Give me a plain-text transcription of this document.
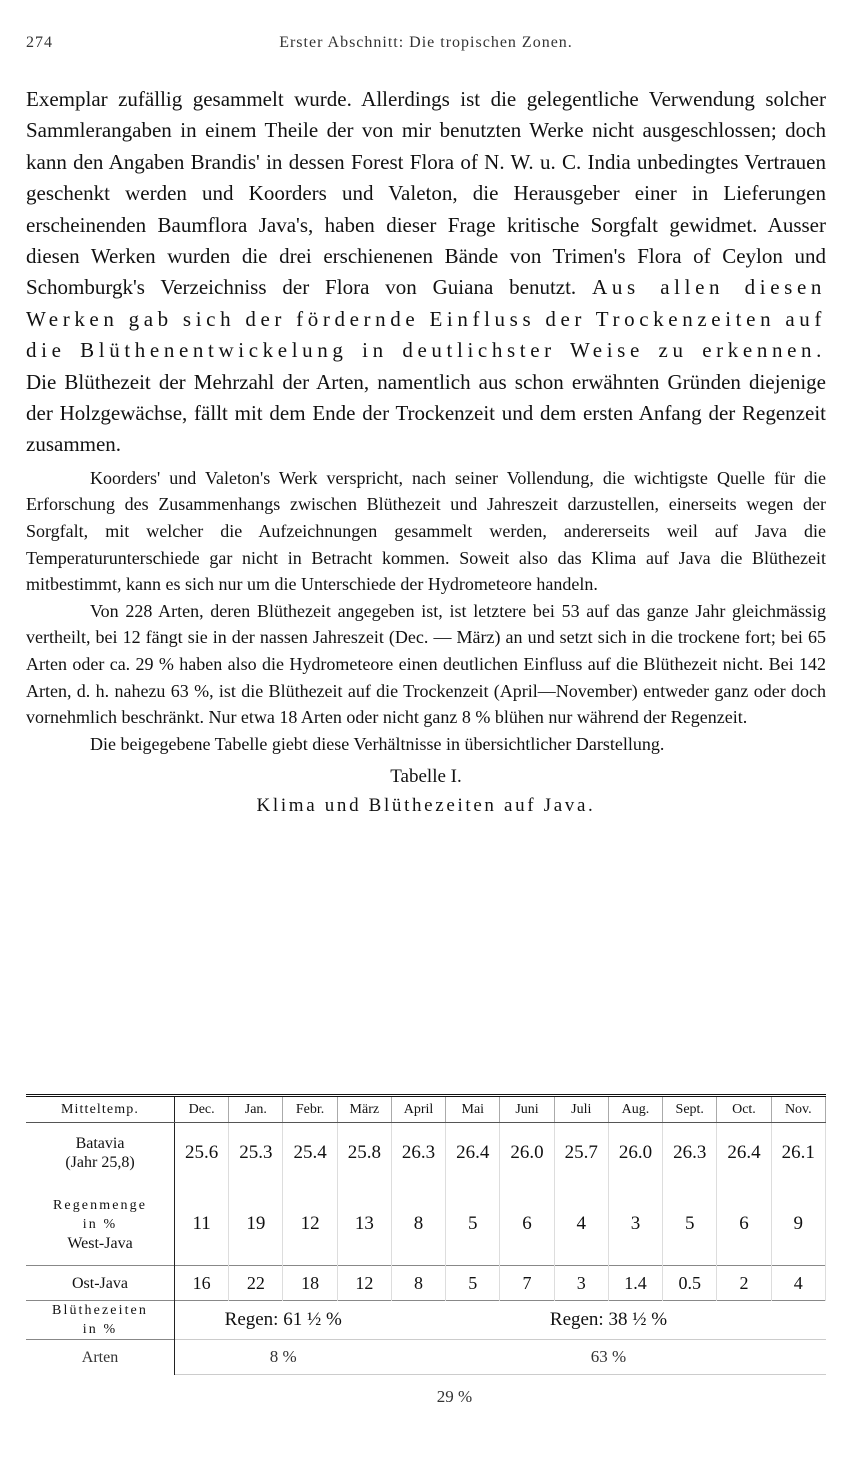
274	Erster Abschnitt: Die tropischen Zonen.

Exemplar zufällig gesammelt wurde. Allerdings ist die gelegentliche Verwendung solcher Sammlerangaben in einem Theile der von mir benutzten Werke nicht ausgeschlossen; doch kann den Angaben Brandis' in dessen Forest Flora of N. W. u. C. India unbedingtes Vertrauen geschenkt werden und Koorders und Valeton, die Herausgeber einer in Lieferungen erscheinenden Baumflora Java's, haben dieser Frage kritische Sorgfalt gewidmet. Ausser diesen Werken wurden die drei erschienenen Bände von Trimen's Flora of Ceylon und Schomburgk's Verzeichniss der Flora von Guiana benutzt. Aus allen diesen Werken gab sich der fördernde Einfluss der Trockenzeiten auf die Blüthenentwickelung in deutlichster Weise zu erkennen. Die Blüthezeit der Mehrzahl der Arten, namentlich aus schon erwähnten Gründen diejenige der Holzgewächse, fällt mit dem Ende der Trockenzeit und dem ersten Anfang der Regenzeit zusammen.

Koorders' und Valeton's Werk verspricht, nach seiner Vollendung, die wichtigste Quelle für die Erforschung des Zusammenhangs zwischen Blüthezeit und Jahreszeit darzustellen, einerseits wegen der Sorgfalt, mit welcher die Aufzeichnungen gesammelt werden, andererseits weil auf Java die Temperaturunterschiede gar nicht in Betracht kommen. Soweit also das Klima auf Java die Blüthezeit mitbestimmt, kann es sich nur um die Unterschiede der Hydrometeore handeln.

Von 228 Arten, deren Blüthezeit angegeben ist, ist letztere bei 53 auf das ganze Jahr gleichmässig vertheilt, bei 12 fängt sie in der nassen Jahreszeit (Dec. — März) an und setzt sich in die trockene fort; bei 65 Arten oder ca. 29 % haben also die Hydrometeore einen deutlichen Einfluss auf die Blüthezeit nicht. Bei 142 Arten, d. h. nahezu 63 %, ist die Blüthezeit auf die Trockenzeit (April—November) entweder ganz oder doch vornehmlich beschränkt. Nur etwa 18 Arten oder nicht ganz 8 % blühen nur während der Regenzeit.

Die beigegebene Tabelle giebt diese Verhältnisse in übersichtlicher Darstellung.

Tabelle I.
Klima und Blüthezeiten auf Java.
Mitteltemp.	Dec.	Jan.	Febr.	März	April	Mai	Juni	Juli	Aug.	Sept.	Oct.	Nov.

Batavia
(Jahr 25,8)	25.6	25.3	25.4	25.8	26.3	26.4	26.0	25.7	26.0	26.3	26.4	26.1

Regenmenge
in %
West-Java	11	19	12	13	8	5	6	4	3	5	6	9
Ost-Java	16	22	18	12	8	5	7	3	1.4	0.5	2	4

Blüthezeiten
in %	Regen: 61 ½ %				Regen: 38 ½ %							
Arten	8 %				63 %							
	29 %											
